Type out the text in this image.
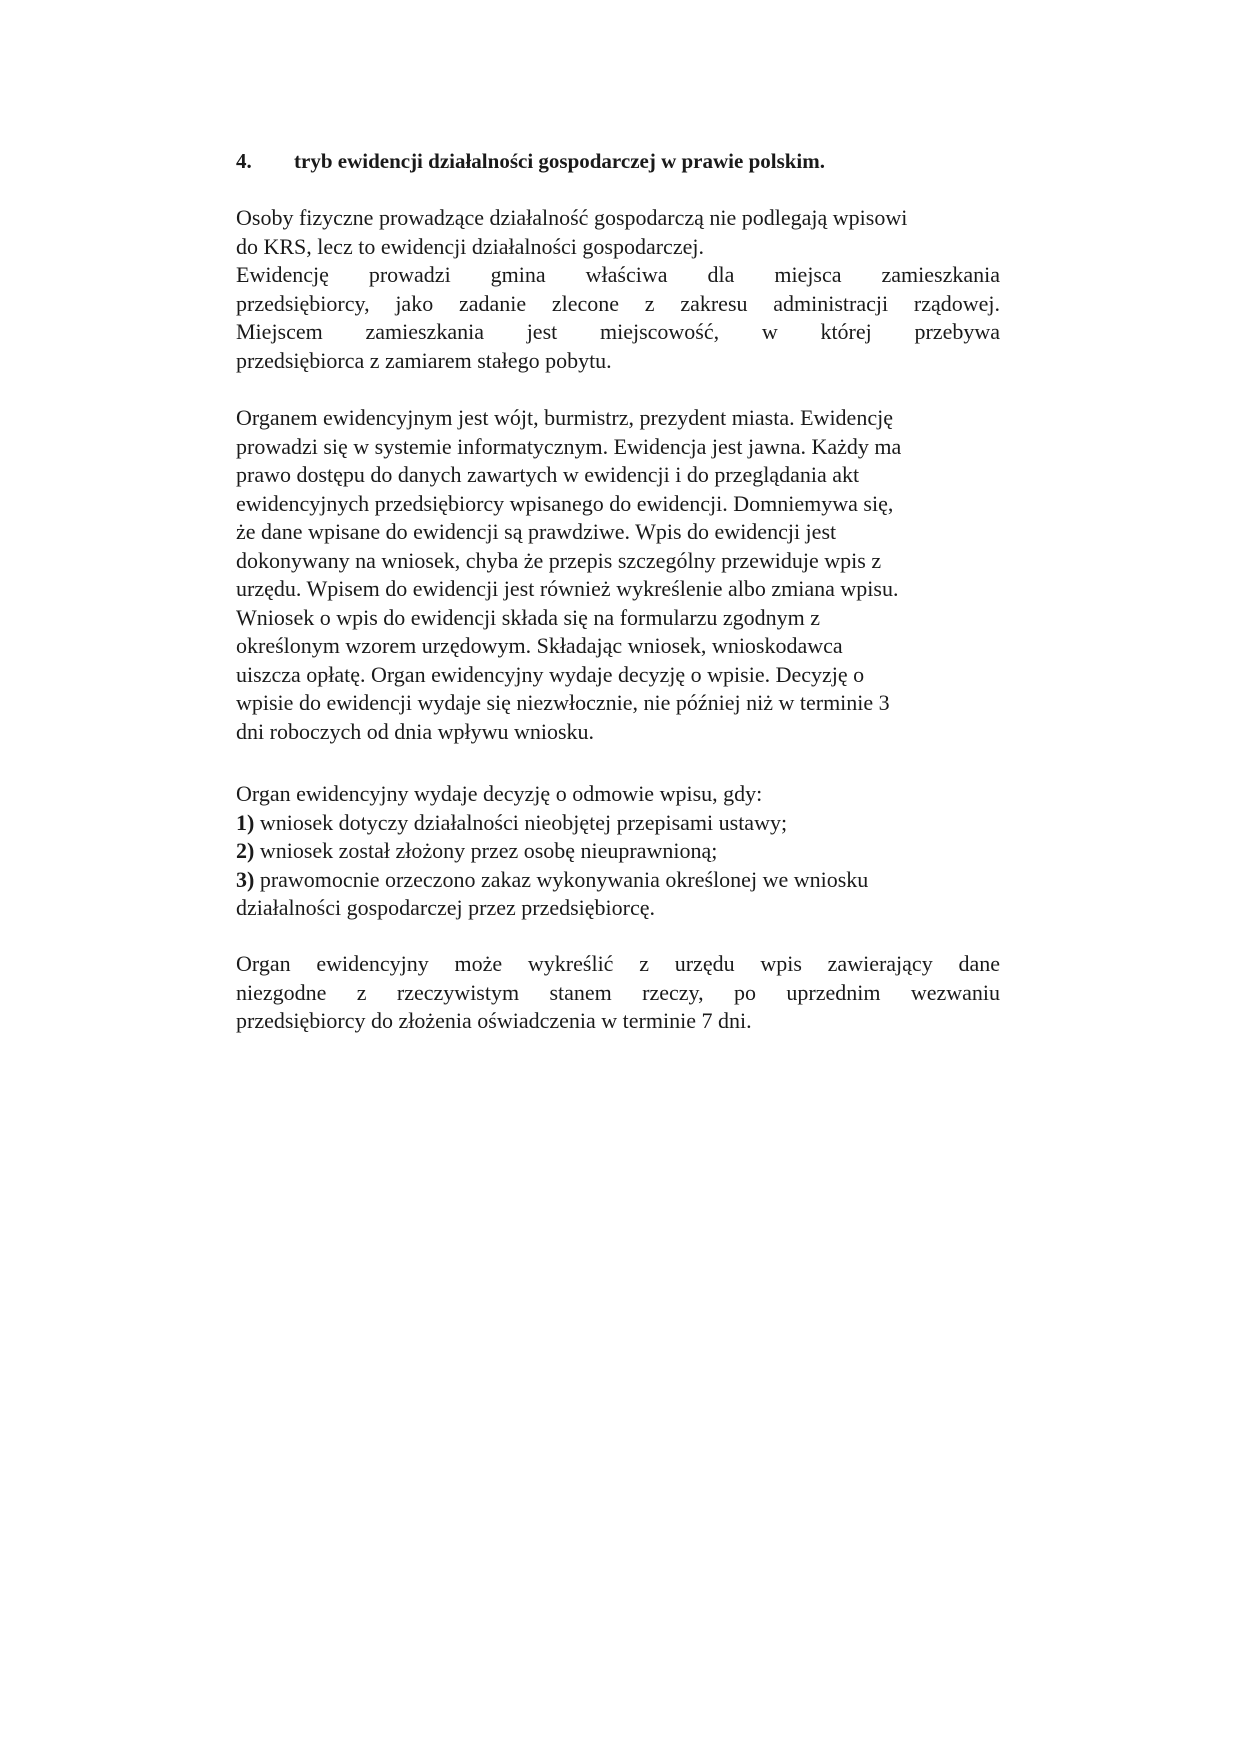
4. tryb ewidencji działalności gospodarczej w prawie polskim.
Osoby fizyczne prowadzące działalność gospodarczą nie podlegają wpisowi
do KRS, lecz to ewidencji działalności gospodarczej.
Ewidencję prowadzi gmina właściwa dla miejsca zamieszkania
przedsiębiorcy, jako zadanie zlecone z zakresu administracji rządowej.
Miejscem zamieszkania jest miejscowość, w której przebywa
przedsiębiorca z zamiarem stałego pobytu.
Organem ewidencyjnym jest wójt, burmistrz, prezydent miasta. Ewidencję
prowadzi się w systemie informatycznym. Ewidencja jest jawna. Każdy ma
prawo dostępu do danych zawartych w ewidencji i do przeglądania akt
ewidencyjnych przedsiębiorcy wpisanego do ewidencji. Domniemywa się,
że dane wpisane do ewidencji są prawdziwe. Wpis do ewidencji jest
dokonywany na wniosek, chyba że przepis szczególny przewiduje wpis z
urzędu. Wpisem do ewidencji jest również wykreślenie albo zmiana wpisu.
Wniosek o wpis do ewidencji składa się na formularzu zgodnym z
określonym wzorem urzędowym. Składając wniosek, wnioskodawca
uiszcza opłatę. Organ ewidencyjny wydaje decyzję o wpisie. Decyzję o
wpisie do ewidencji wydaje się niezwłocznie, nie później niż w terminie 3
dni roboczych od dnia wpływu wniosku.
Organ ewidencyjny wydaje decyzję o odmowie wpisu, gdy:
1) wniosek dotyczy działalności nieobjętej przepisami ustawy;
2) wniosek został złożony przez osobę nieuprawnioną;
3) prawomocnie orzeczono zakaz wykonywania określonej we wniosku
działalności gospodarczej przez przedsiębiorcę.
Organ ewidencyjny może wykreślić z urzędu wpis zawierający dane
niezgodne z rzeczywistym stanem rzeczy, po uprzednim wezwaniu
przedsiębiorcy do złożenia oświadczenia w terminie 7 dni.
